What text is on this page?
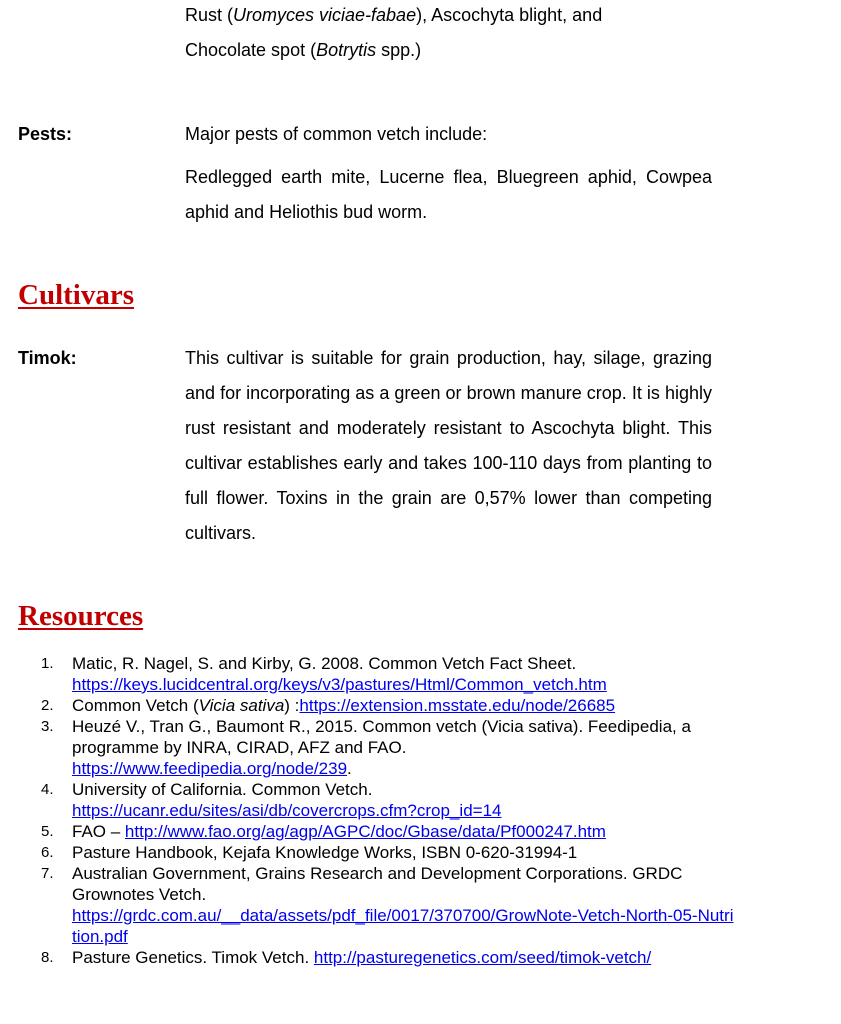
Rust (Uromyces viciae-fabae), Ascochyta blight, and
Chocolate spot (Botrytis spp.)
Pests:	Major pests of common vetch include:
Redlegged earth mite, Lucerne flea, Bluegreen aphid, Cowpea aphid and Heliothis bud worm.
Cultivars
Timok:	This cultivar is suitable for grain production, hay, silage, grazing and for incorporating as a green or brown manure crop. It is highly rust resistant and moderately resistant to Ascochyta blight. This cultivar establishes early and takes 100-110 days from planting to full flower. Toxins in the grain are 0,57% lower than competing cultivars.
Resources
1. Matic, R. Nagel, S. and Kirby, G. 2008. Common Vetch Fact Sheet.
https://keys.lucidcentral.org/keys/v3/pastures/Html/Common_vetch.htm
2. Common Vetch (Vicia sativa) :https://extension.msstate.edu/node/26685
3. Heuzé V., Tran G., Baumont R., 2015. Common vetch (Vicia sativa). Feedipedia, a programme by INRA, CIRAD, AFZ and FAO.
https://www.feedipedia.org/node/239.
4. University of California. Common Vetch.
https://ucanr.edu/sites/asi/db/covercrops.cfm?crop_id=14
5. FAO – http://www.fao.org/ag/agp/AGPC/doc/Gbase/data/Pf000247.htm
6. Pasture Handbook, Kejafa Knowledge Works, ISBN 0-620-31994-1
7. Australian Government, Grains Research and Development Corporations. GRDC Grownotes Vetch.
https://grdc.com.au/__data/assets/pdf_file/0017/370700/GrowNote-Vetch-North-05-Nutrition.pdf
8. Pasture Genetics. Timok Vetch. http://pasturegenetics.com/seed/timok-vetch/
